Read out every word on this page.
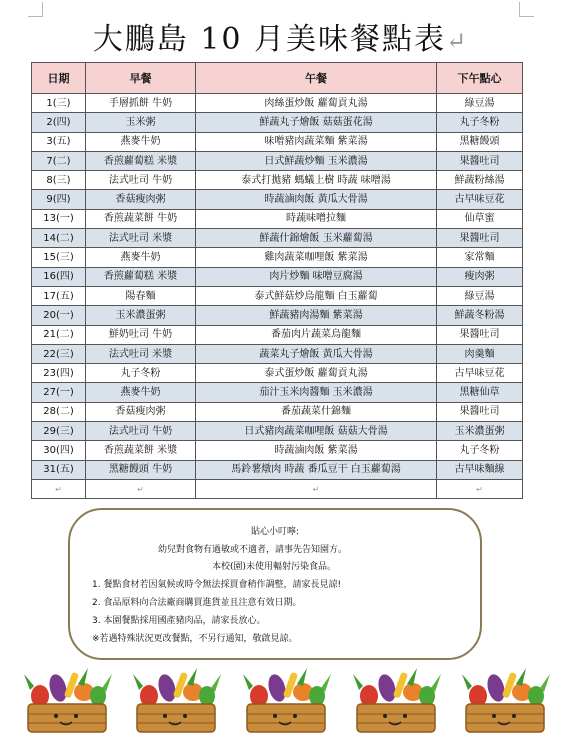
大鵬島 10 月美味餐點表↵
日期	早餐	午餐	下午點心
1(三)	手層抓餅 牛奶	肉絲蛋炒飯 蘿蔔貢丸湯	綠豆湯
2(四)	玉米粥	鮮蔬丸子燴飯 菇菇蛋花湯	丸子冬粉
3(五)	燕麥牛奶	味噌豬肉蔬菜麵 紫菜湯	黑糖饅頭
7(二)	香煎蘿蔔糕 米漿	日式鮮蔬炒麵 玉米濃湯	果醬吐司
8(三)	法式吐司 牛奶	泰式打拋豬 螞蟻上樹 時蔬 味噌湯	鮮蔬粉絲湯
9(四)	香菇瘦肉粥	時蔬滷肉飯 黃瓜大骨湯	古早味豆花
13(一)	香煎蔬菜餅 牛奶	時蔬味噌拉麵	仙草蜜
14(二)	法式吐司 米漿	鮮蔬什錦燴飯 玉米蘿蔔湯	果醬吐司
15(三)	燕麥牛奶	雞肉蔬菜咖哩飯 紫菜湯	家常麵
16(四)	香煎蘿蔔糕 米漿	肉片炒麵 味噌豆腐湯	瘦肉粥
17(五)	陽春麵	泰式鮮菇炒烏龍麵 白玉蘿蔔	綠豆湯
20(一)	玉米濃蛋粥	鮮蔬豬肉湯麵 紫菜湯	鮮蔬冬粉湯
21(二)	鮮奶吐司 牛奶	番茄肉片蔬菜烏龍麵	果醬吐司
22(三)	法式吐司 米漿	蔬菜丸子燴飯 黃瓜大骨湯	肉羹麵
23(四)	丸子冬粉	泰式蛋炒飯 蘿蔔貢丸湯	古早味豆花
27(一)	燕麥牛奶	茄汁玉米肉醬麵 玉米濃湯	黑糖仙草
28(二)	香菇瘦肉粥	番茄蔬菜什錦麵	果醬吐司
29(三)	法式吐司 牛奶	日式豬肉蔬菜咖哩飯 菇菇大骨湯	玉米濃蛋粥
30(四)	香煎蔬菜餅 米漿	時蔬滷肉飯 紫菜湯	丸子冬粉
31(五)	黑糖饅頭 牛奶	馬鈴薯燉肉 時蔬 番瓜豆干 白玉蘿蔔湯	古早味麵線
↵	↵	↵	↵
貼心小叮嚀:
幼兒對食物有過敏或不適者，請事先告知園方。
本校(園)未使用輻射污染食品。
1. 餐點食材若因氣候或時令無法採買會稍作調整，請家長見諒!
2. 食品原料向合法廠商購買進貨並且注意有效日期。
3. 本園餐點採用國產豬肉品，請家長放心。
※若遇特殊狀況更改餐點，不另行通知，敬啟見諒。
